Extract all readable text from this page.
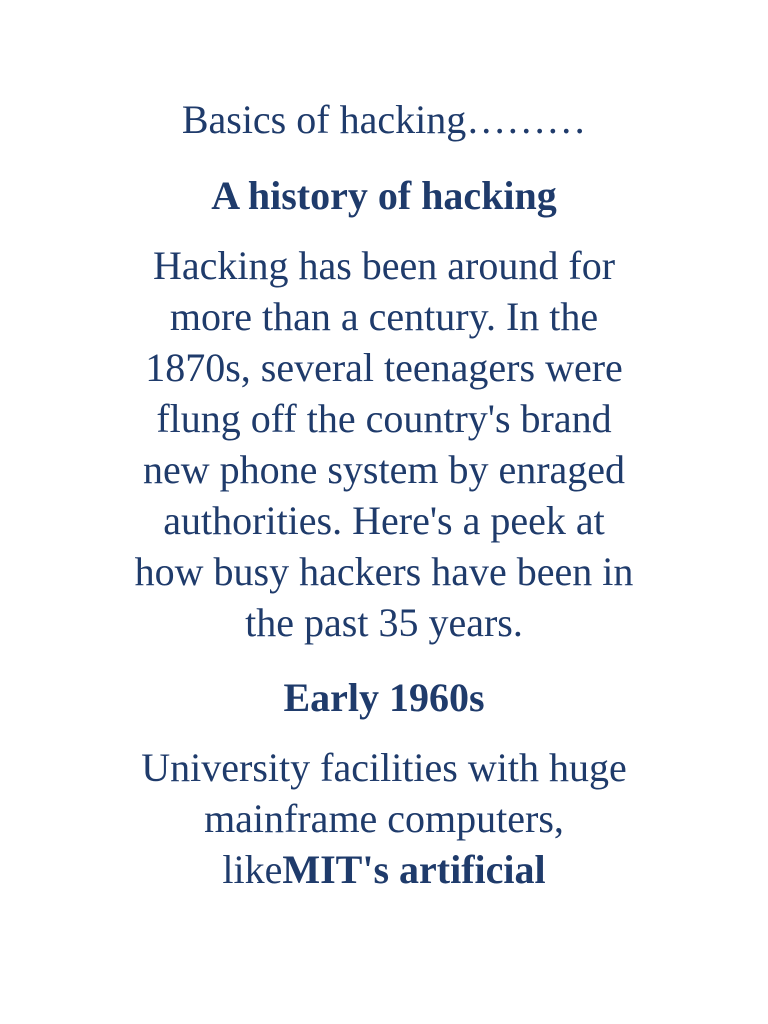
Basics of hacking………

A history of hacking
Hacking has been around for
more than a century. In the
1870s, several teenagers were
flung off the country's brand
new phone system by enraged
authorities. Here's a peek at
how busy hackers have been in
the past 35 years.
Early 1960s
University facilities with huge
mainframe computers,
likeMIT's artificial
